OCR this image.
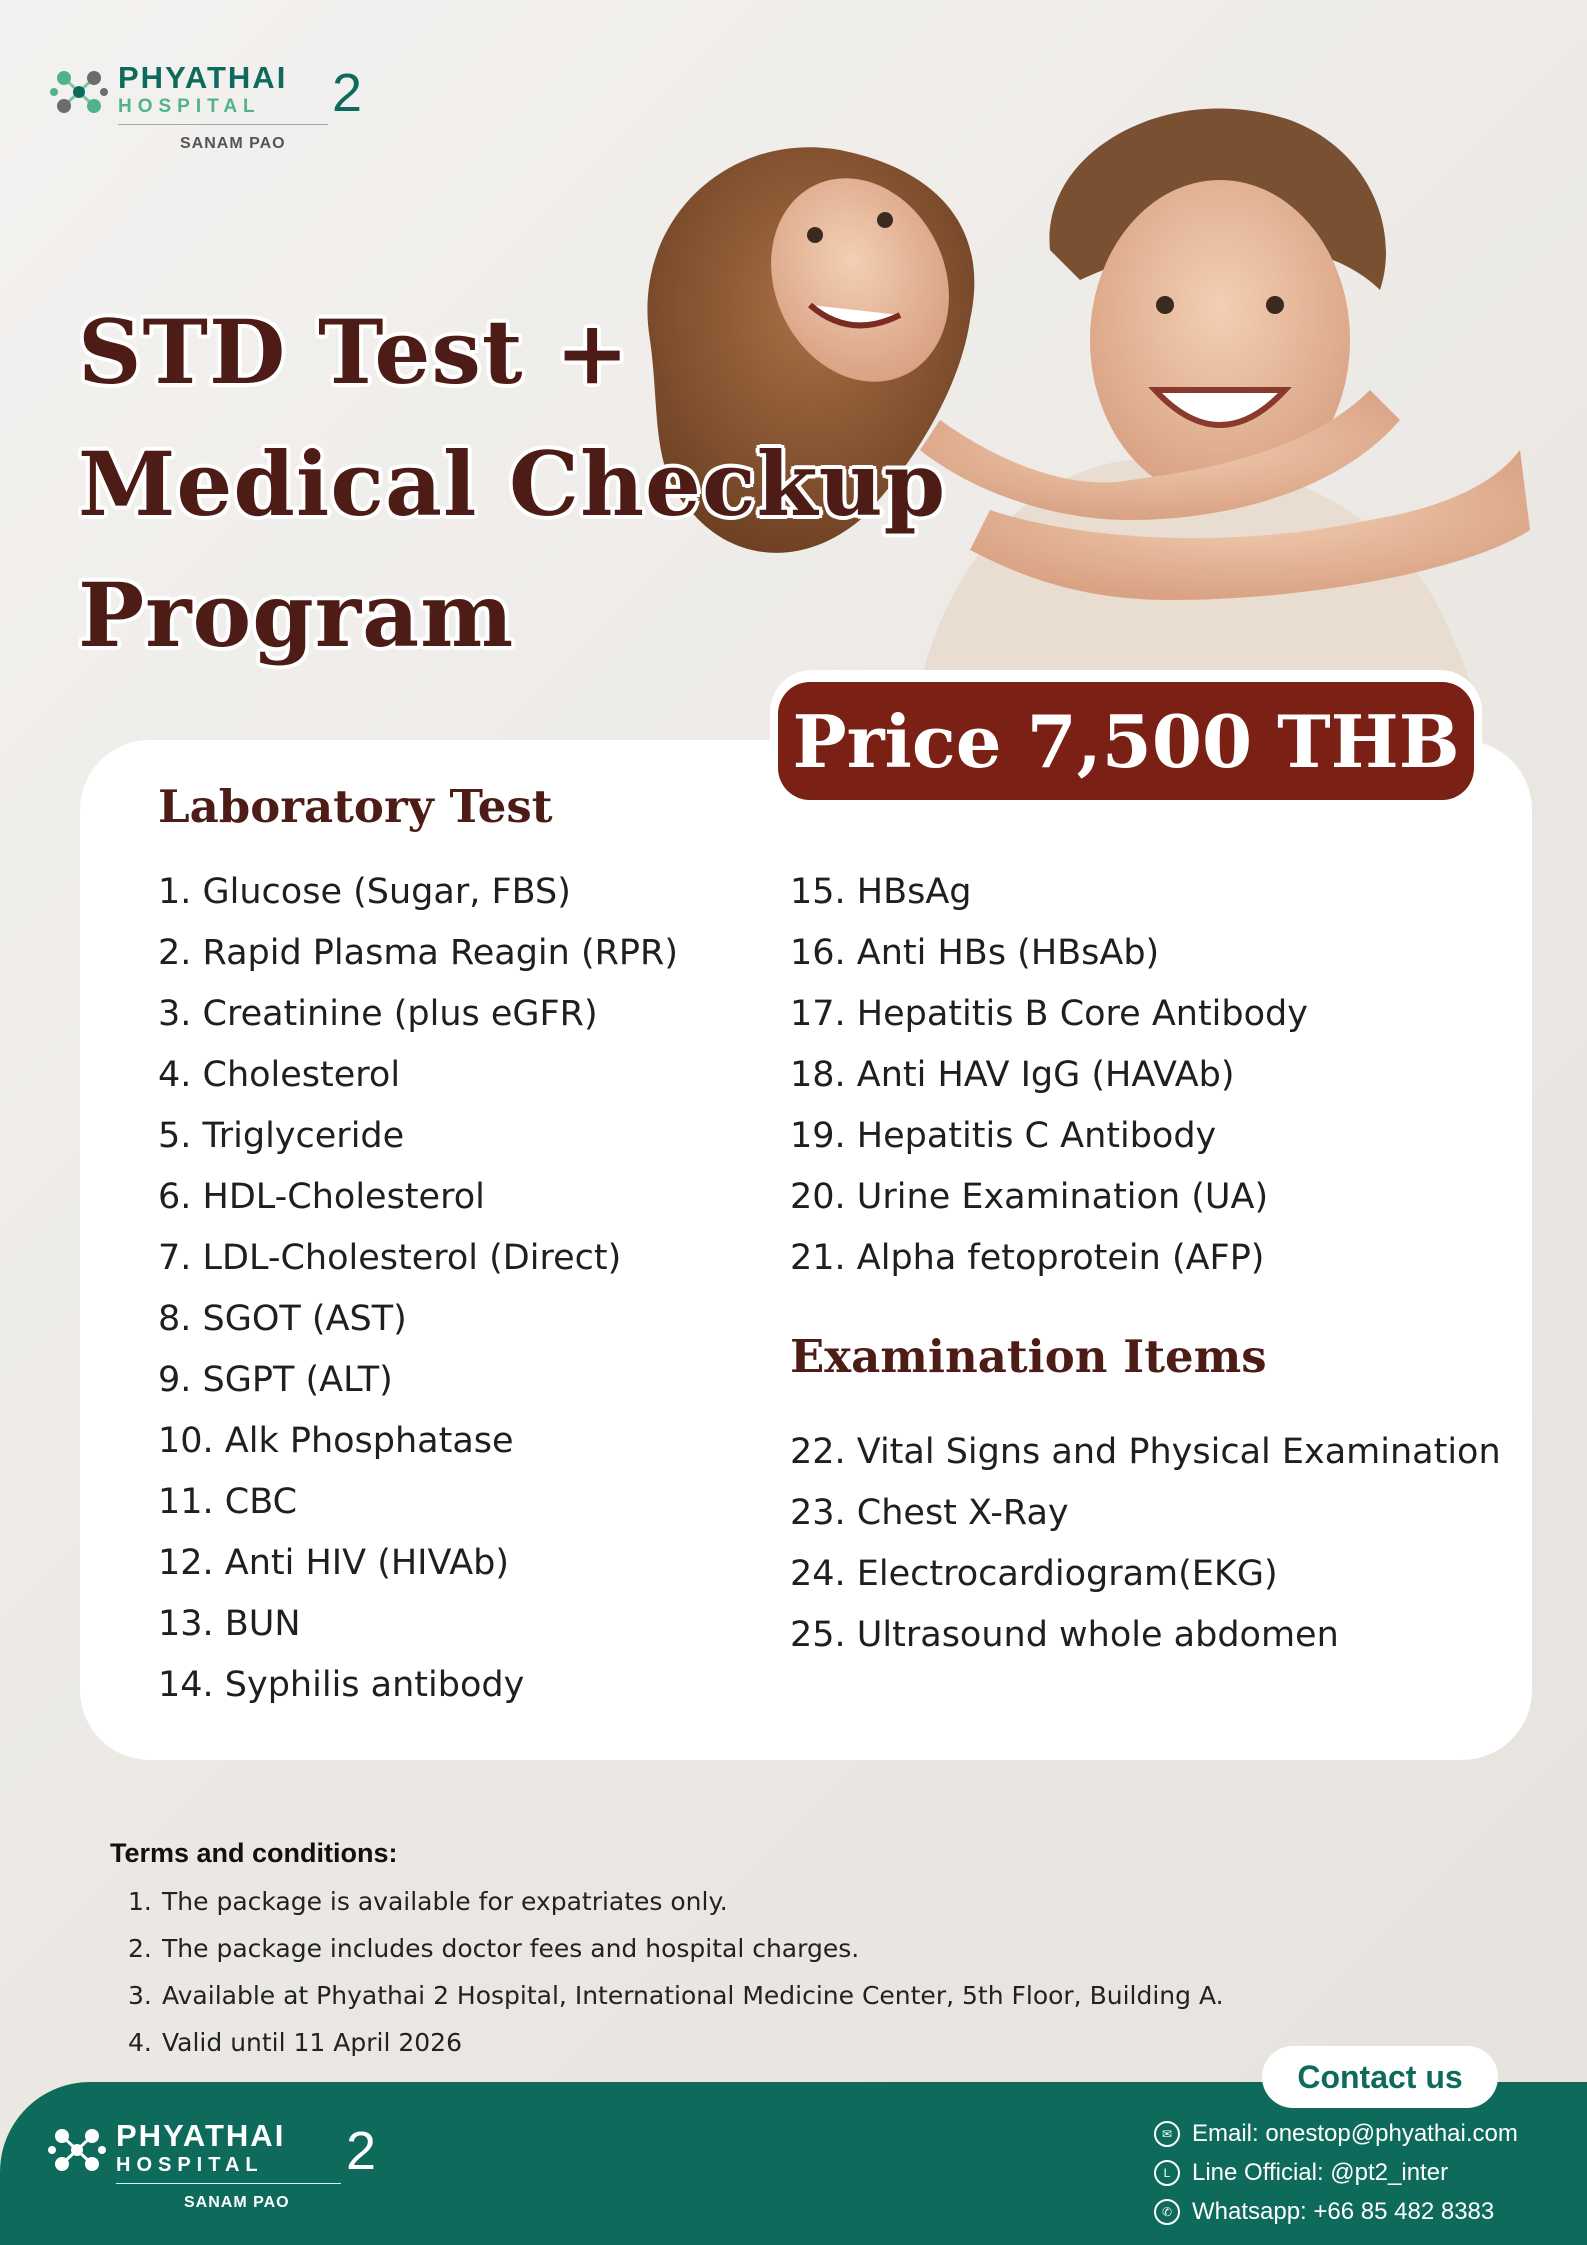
PHYATHAI
HOSPITAL
SANAM PAO
2
STD Test +
Medical Checkup
Program
Price 7,500 THB
Laboratory Test
1. Glucose (Sugar, FBS)
2. Rapid Plasma Reagin (RPR)
3. Creatinine (plus eGFR)
4. Cholesterol
5. Triglyceride
6. HDL-Cholesterol
7. LDL-Cholesterol (Direct)
8. SGOT (AST)
9. SGPT (ALT)
10. Alk Phosphatase
11. CBC
12. Anti HIV (HIVAb)
13. BUN
14. Syphilis antibody
15. HBsAg
16. Anti HBs (HBsAb)
17. Hepatitis B Core Antibody
18. Anti HAV IgG (HAVAb)
19. Hepatitis C Antibody
20. Urine Examination (UA)
21. Alpha fetoprotein (AFP)
Examination Items
22. Vital Signs and Physical Examination
23. Chest X-Ray
24. Electrocardiogram(EKG)
25. Ultrasound whole abdomen
Terms and conditions:
1. The package is available for expatriates only.
2. The package includes doctor fees and hospital charges.
3. Available at Phyathai 2 Hospital, International Medicine Center, 5th Floor, Building A.
4. Valid until 11 April 2026
Contact us
PHYATHAI
HOSPITAL
SANAM PAO
2	✉ Email: onestop@phyathai.com
L Line Official: @pt2_inter
✆ Whatsapp: +66 85 482 8383
